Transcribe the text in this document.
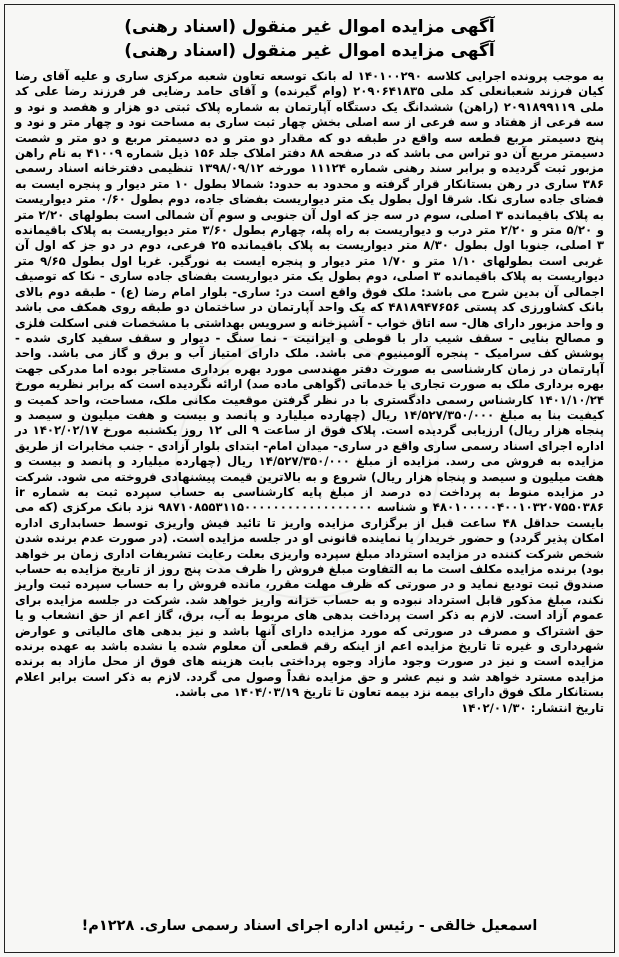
آگهی مزایده اموال غیر منقول (اسناد رهنی)
آگهی مزایده اموال غیر منقول (اسناد رهنی)

به موجب پرونده اجرایی کلاسه ۱۴۰۱۰۰۲۹۰ له بانک توسعه تعاون شعبه مرکزی ساری و علیه آقای رضا کیان فرزند شعبانعلی کد ملی ۲۰۹۰۶۴۱۸۳۵ (وام گیرنده) و آقای حامد رضایی فر فرزند رضا علی کد ملی ۲۰۹۱۸۹۹۱۱۹ (راهن) ششدانگ یک دستگاه آپارتمان به شماره پلاک ثبتی دو هزار و هفصد و نود و سه فرعی از هفتاد و سه فرعی از سه اصلی بخش چهار ثبت ساری به مساحت نود و چهار متر و نود و پنج دسیمتر مربع قطعه سه واقع در طبقه دو که مقدار دو متر و ده دسیمتر مربع و دو متر و شصت دسیمتر مربع آن دو تراس می باشد که در صفحه ۸۸ دفتر املاک جلد ۱۵۶ ذیل شماره ۴۱۰۰۹ به نام راهن مزبور ثبت گردیده و برابر سند رهنی شماره ۱۱۱۲۴ مورخه ۱۳۹۸/۰۹/۱۲ تنظیمی دفترخانه اسناد رسمی ۳۸۶ ساری در رهن بستانکار قرار گرفته و محدود به حدود: شمالا بطول ۱۰ متر دیوار و پنجره ایست به فضای جاده ساری نکا. شرقا اول بطول یک متر دیواریست بفضای جاده، دوم بطول ۰/۶۰ متر دیواریست به پلاک باقیمانده ۳ اصلی، سوم در سه جز که اول آن جنوبی و سوم آن شمالی است بطولهای ۲/۲۰ متر و ۵/۲۰ متر و ۲/۲۰ متر درب و دیواریست به راه پله، چهارم بطول ۳/۶۰ متر دیواریست به پلاک باقیمانده ۳ اصلی، جنوبا اول بطول ۸/۳۰ متر دیواریست به پلاک باقیمانده ۲۵ فرعی، دوم در دو جز که اول آن غربی است بطولهای ۱/۱۰ متر و ۱/۷۰ متر دیوار و پنجره ایست به نورگیر. غربا اول بطول ۹/۶۵ متر دیواریست به پلاک باقیمانده ۳ اصلی، دوم بطول یک متر دیواریست بفضای جاده ساری - نکا که توصیف اجمالی آن بدین شرح می باشد: ملک فوق واقع است در: ساری- بلوار امام رضا (ع) - طبقه دوم بالای بانک کشاورزی کد پستی ۴۸۱۸۹۴۷۶۵۶ که یک واحد آپارتمان در ساختمان دو طبقه روی همکف می باشد و واحد مزبور دارای هال- سه اتاق خواب - آشپزخانه و سرویس بهداشتی با مشخصات فنی اسکلت فلزی و مصالح بنایی - سقف شیب دار با قوطی و ایرانیت - نما سنگ - دیوار و سقف سفید کاری شده - پوشش کف سرامیک - پنجره آلومینیوم می باشد. ملک دارای امتیاز آب و برق و گاز می باشد. واحد آپارتمان در زمان کارشناسی به صورت دفتر مهندسی مورد بهره برداری مستاجر بوده اما مدرکی جهت بهره برداری ملک به صورت تجاری یا خدماتی (گواهی ماده صد) ارائه نگردیده است که برابر نظریه مورخ ۱۴۰۱/۱۰/۲۴ کارشناس رسمی دادگستری با در نظر گرفتن موقعیت مکانی ملک، مساحت، واحد کمیت و کیفیت بنا به مبلغ ۱۴/۵۲۷/۳۵۰/۰۰۰ ریال (چهارده میلیارد و پانصد و بیست و هفت میلیون و سیصد و پنجاه هزار ریال) ارزیابی گردیده است. پلاک فوق از ساعت ۹ الی ۱۲ روز یکشنبه مورخ ۱۴۰۲/۰۲/۱۷ در اداره اجرای اسناد رسمی ساری واقع در ساری- میدان امام- ابتدای بلوار آزادی - جنب مخابرات از طریق مزایده به فروش می رسد. مزایده از مبلغ ۱۴/۵۲۷/۳۵۰/۰۰۰ ریال (چهارده میلیارد و پانصد و بیست و هفت میلیون و سیصد و پنجاه هزار ریال) شروع و به بالاترین قیمت پیشنهادی فروخته می شود. شرکت در مزایده منوط به پرداخت ده درصد از مبلغ پایه کارشناسی به حساب سپرده ثبت به شماره ir ۴۸۰۱۰۰۰۰۰۴۰۰۱۰۳۲۰۷۵۵۰۳۸۶ و شناسه ۹۸۷۱۰۸۵۵۳۱۱۵۰۰۰۰۰۰۰۰۰۰۰۰۰۰۰۰۰۰ نزد بانک مرکزی (که می بایست حداقل ۴۸ ساعت قبل از برگزاری مزایده واریز تا تائید فیش واریزی توسط حسابداری اداره امکان پذیر گردد) و حضور خریدار یا نماینده قانونی او در جلسه مزایده است. (در صورت عدم برنده شدن شخص شرکت کننده در مزایده استرداد مبلغ سپرده واریزی بعلت رعایت تشریفات اداری زمان بر خواهد بود) برنده مزایده مکلف است ما به التفاوت مبلغ فروش را ظرف مدت پنج روز از تاریخ مزایده به حساب صندوق ثبت تودیع نماید و در صورتی که ظرف مهلت مقرر، مانده فروش را به حساب سپرده ثبت واریز نکند، مبلغ مذکور قابل استرداد نبوده و به حساب خزانه واریز خواهد شد. شرکت در جلسه مزایده برای عموم آزاد است. لازم به ذکر است پرداخت بدهی های مربوط به آب، برق، گاز اعم از حق انشعاب و یا حق اشتراک و مصرف در صورتی که مورد مزایده دارای آنها باشد و نیز بدهی های مالیاتی و عوارض شهرداری و غیره تا تاریخ مزایده اعم از اینکه رقم قطعی آن معلوم شده یا نشده باشد به عهده برنده مزایده است و نیز در صورت وجود مازاد وجوه پرداختی بابت هزینه های فوق از محل مازاد به برنده مزایده مسترد خواهد شد و نیم عشر و حق مزایده نقداً وصول می گردد. لازم به ذکر است برابر اعلام بستانکار ملک فوق دارای بیمه نزد بیمه تعاون تا تاریخ ۱۴۰۴/۰۳/۱۹ می باشد.

تاریخ انتشار: ۱۴۰۲/۰۱/۳۰
اسمعیل خالقی - رئیس اداره اجرای اسناد رسمی ساری. ۱۲۲۸م!
